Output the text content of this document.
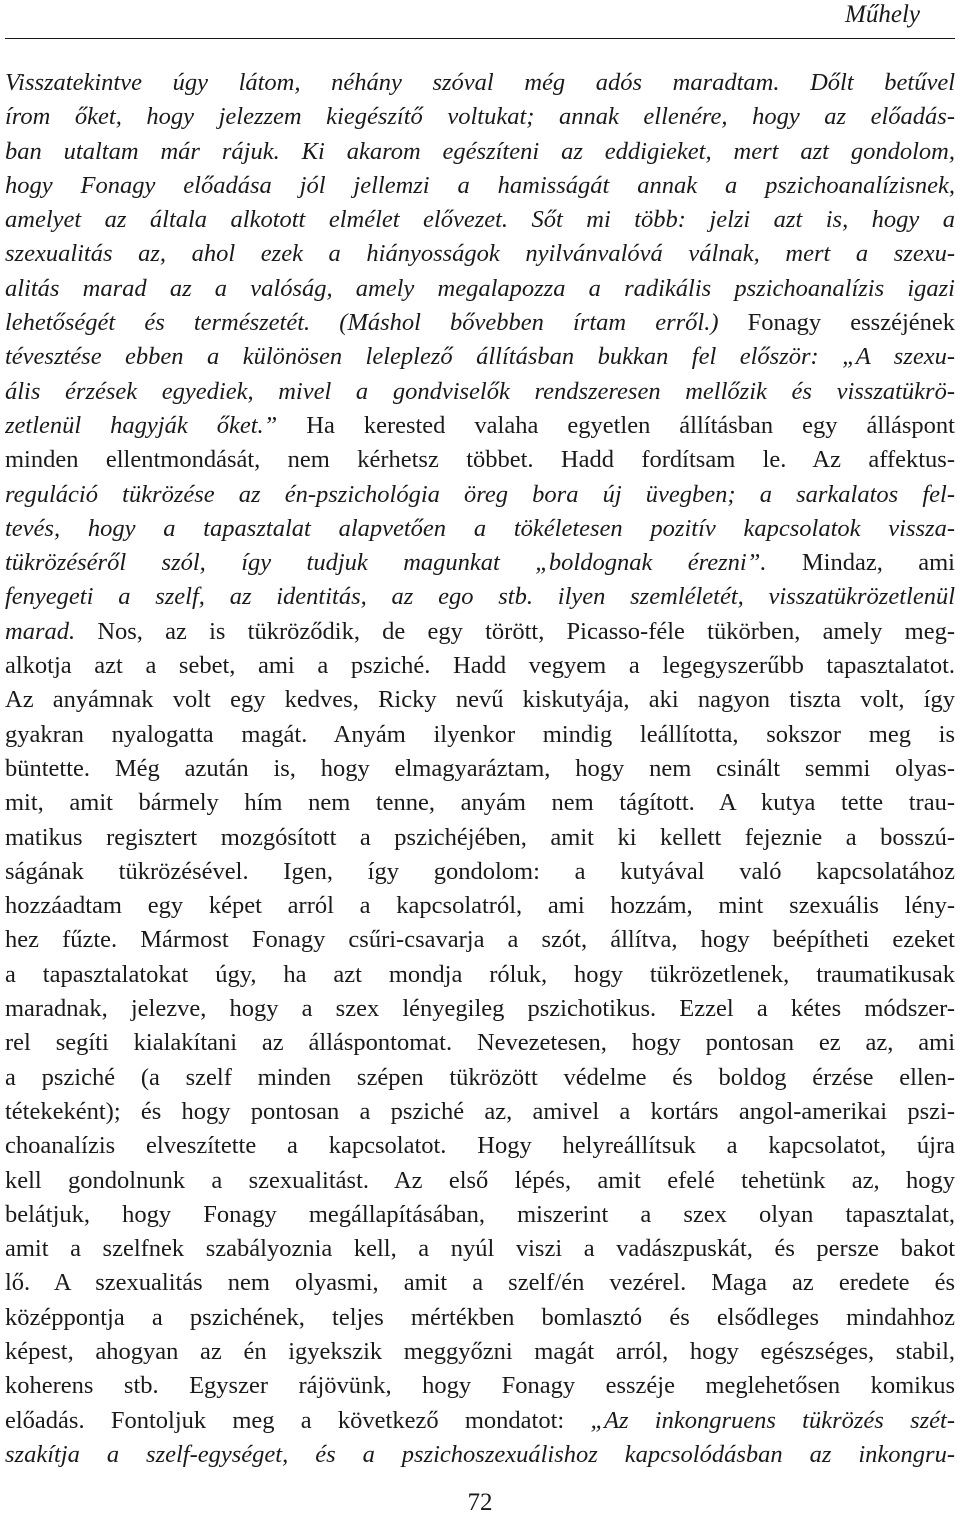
Műhely
Visszatekintve úgy látom, néhány szóval még adós maradtam. Dőlt betűvel
írom őket, hogy jelezzem kiegészítő voltukat; annak ellenére, hogy az előadás-
ban utaltam már rájuk. Ki akarom egészíteni az eddigieket, mert azt gondolom,
hogy Fonagy előadása jól jellemzi a hamisságát annak a pszichoanalízisnek,
amelyet az általa alkotott elmélet elővezet. Sőt mi több: jelzi azt is, hogy a
szexualitás az, ahol ezek a hiányosságok nyilvánvalóvá válnak, mert a szexu-
alitás marad az a valóság, amely megalapozza a radikális pszichoanalízis igazi
lehetőségét és természetét. (Máshol bővebben írtam erről.) Fonagy esszéjének
tévesztése ebben a különösen leleplező állításban bukkan fel először: „A szexu-
ális érzések egyediek, mivel a gondviselők rendszeresen mellőzik és visszatükrö-
zetlenül hagyják őket.” Ha kerested valaha egyetlen állításban egy álláspont
minden ellentmondását, nem kérhetsz többet. Hadd fordítsam le. Az affektus-
reguláció tükrözése az én-pszichológia öreg bora új üvegben; a sarkalatos fel-
tevés, hogy a tapasztalat alapvetően a tökéletesen pozitív kapcsolatok vissza-
tükrözéséről szól, így tudjuk magunkat „boldognak érezni”. Mindaz, ami
fenyegeti a szelf, az identitás, az ego stb. ilyen szemléletét, visszatükrözetlenül
marad. Nos, az is tükröződik, de egy törött, Picasso-féle tükörben, amely meg-
alkotja azt a sebet, ami a psziché. Hadd vegyem a legegyszerűbb tapasztalatot.
Az anyámnak volt egy kedves, Ricky nevű kiskutyája, aki nagyon tiszta volt, így
gyakran nyalogatta magát. Anyám ilyenkor mindig leállította, sokszor meg is
büntette. Még azután is, hogy elmagyaráztam, hogy nem csinált semmi olyas-
mit, amit bármely hím nem tenne, anyám nem tágított. A kutya tette trau-
matikus regisztert mozgósított a pszichéjében, amit ki kellett fejeznie a bosszú-
ságának tükrözésével. Igen, így gondolom: a kutyával való kapcsolatához
hozzáadtam egy képet arról a kapcsolatról, ami hozzám, mint szexuális lény-
hez fűzte. Mármost Fonagy csűri-csavarja a szót, állítva, hogy beépítheti ezeket
a tapasztalatokat úgy, ha azt mondja róluk, hogy tükrözetlenek, traumatikusak
maradnak, jelezve, hogy a szex lényegileg pszichotikus. Ezzel a kétes módszer-
rel segíti kialakítani az álláspontomat. Nevezetesen, hogy pontosan ez az, ami
a psziché (a szelf minden szépen tükrözött védelme és boldog érzése ellen-
tétekeként); és hogy pontosan a psziché az, amivel a kortárs angol-amerikai pszi-
choanalízis elveszítette a kapcsolatot. Hogy helyreállítsuk a kapcsolatot, újra
kell gondolnunk a szexualitást. Az első lépés, amit efelé tehetünk az, hogy
belátjuk, hogy Fonagy megállapításában, miszerint a szex olyan tapasztalat,
amit a szelfnek szabályoznia kell, a nyúl viszi a vadászpuskát, és persze bakot
lő. A szexualitás nem olyasmi, amit a szelf/én vezérel. Maga az eredete és
középpontja a pszichének, teljes mértékben bomlasztó és elsődleges mindahhoz
képest, ahogyan az én igyekszik meggyőzni magát arról, hogy egészséges, stabil,
koherens stb. Egyszer rájövünk, hogy Fonagy esszéje meglehetősen komikus
előadás. Fontoljuk meg a következő mondatot: „Az inkongruens tükrözés szét-
szakítja a szelf-egységet, és a pszichoszexuálishoz kapcsolódásban az inkongru-
72
